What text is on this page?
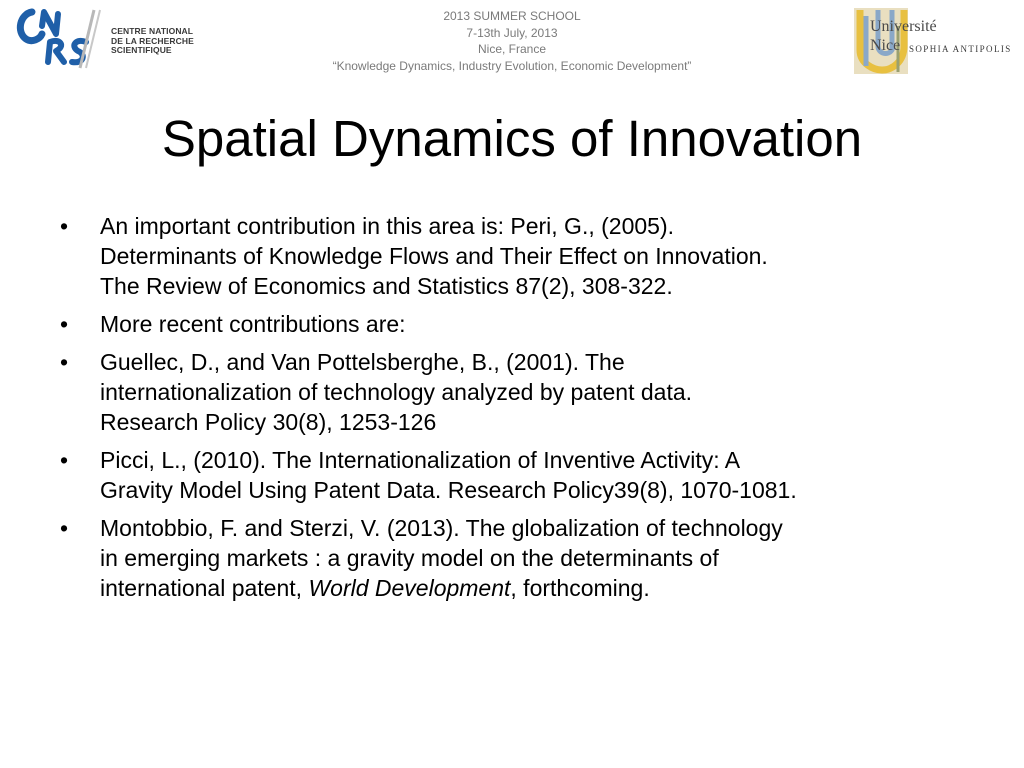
2013 SUMMER SCHOOL
7-13th July, 2013
Nice, France
“Knowledge Dynamics, Industry Evolution, Economic Development”
CENTRE NATIONAL
DE LA RECHERCHE
SCIENTIFIQUE
Université
Nice SOPHIA ANTIPOLIS
Spatial Dynamics of Innovation
• An important contribution in this area is: Peri, G., (2005).
Determinants of Knowledge Flows and Their Effect on Innovation.
The Review of Economics and Statistics 87(2), 308-322.
• More recent contributions are:
• Guellec, D., and Van Pottelsberghe, B., (2001). The
internationalization of technology analyzed by patent data.
Research Policy 30(8), 1253-126
• Picci, L., (2010). The Internationalization of Inventive Activity: A
Gravity Model Using Patent Data. Research Policy39(8), 1070-1081.
• Montobbio, F. and Sterzi, V. (2013). The globalization of technology
in emerging markets : a gravity model on the determinants of
international patent, World Development, forthcoming.
